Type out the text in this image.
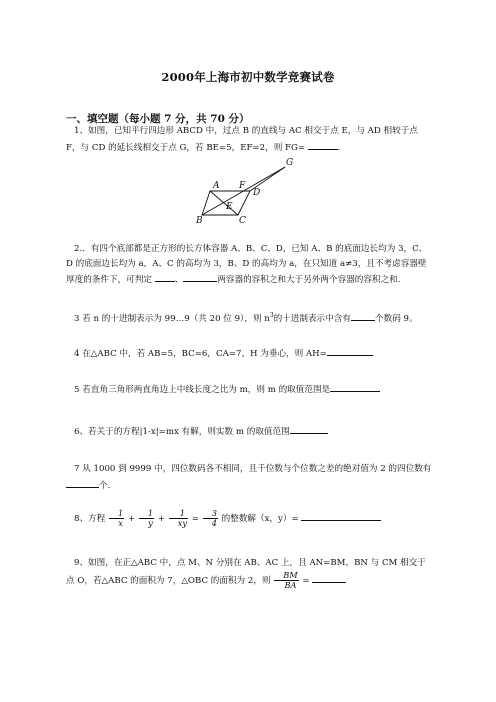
2000年上海市初中数学竞赛试卷
一、填空题（每小题 7 分，共 70 分）
1、如图，已知平行四边形 ABCD 中，过点 B 的直线与 AC 相交于点 E，与 AD 相较于点 F，与 CD 的延长线相交于点 G，若 BE=5，EF=2，则 FG=	.
G
A F
D
E
B	C
2.．有四个底部都是正方形的长方体容器 A、B、C、D，已知 A、B 的底面边长均为 3，C、D 的底面边长均为 a，A、C 的高均为 3，B、D 的高均为 a，在只知道 a≠3，且不考虑容器壁厚度的条件下，可判定	、	两容器的容积之和大于另外两个容器的容积之和.
3 若 n 的十进制表示为 99…9（共 20 位 9），则 $n^3$的十进制表示中含有	个数码 9。
4 在△ABC 中，若 AB=5，BC=6，CA=7，H 为垂心，则 AH=
5 若直角三角形两直角边上中线长度之比为 m，则 m 的取值范围是
6、若关于的方程|1-x|=mx 有解，则实数 m 的取值范围
7 从 1000 到 9999 中，四位数码各不相同，且千位数与个位数之差的绝对值为 2 的四位数有个.
8、方程 $\frac{1}{x} + \frac{1}{y} + \frac{1}{xy} = \frac{3}{4}$ 的整数解（x，y）=
9、如图，在正△ABC 中，点 M、N 分别在 AB、AC 上，且 AN=BM，BN 与 CM 相交于点 O，若△ABC 的面积为 7，△OBC 的面积为 2，则 $\frac{BM}{BA}$ =
